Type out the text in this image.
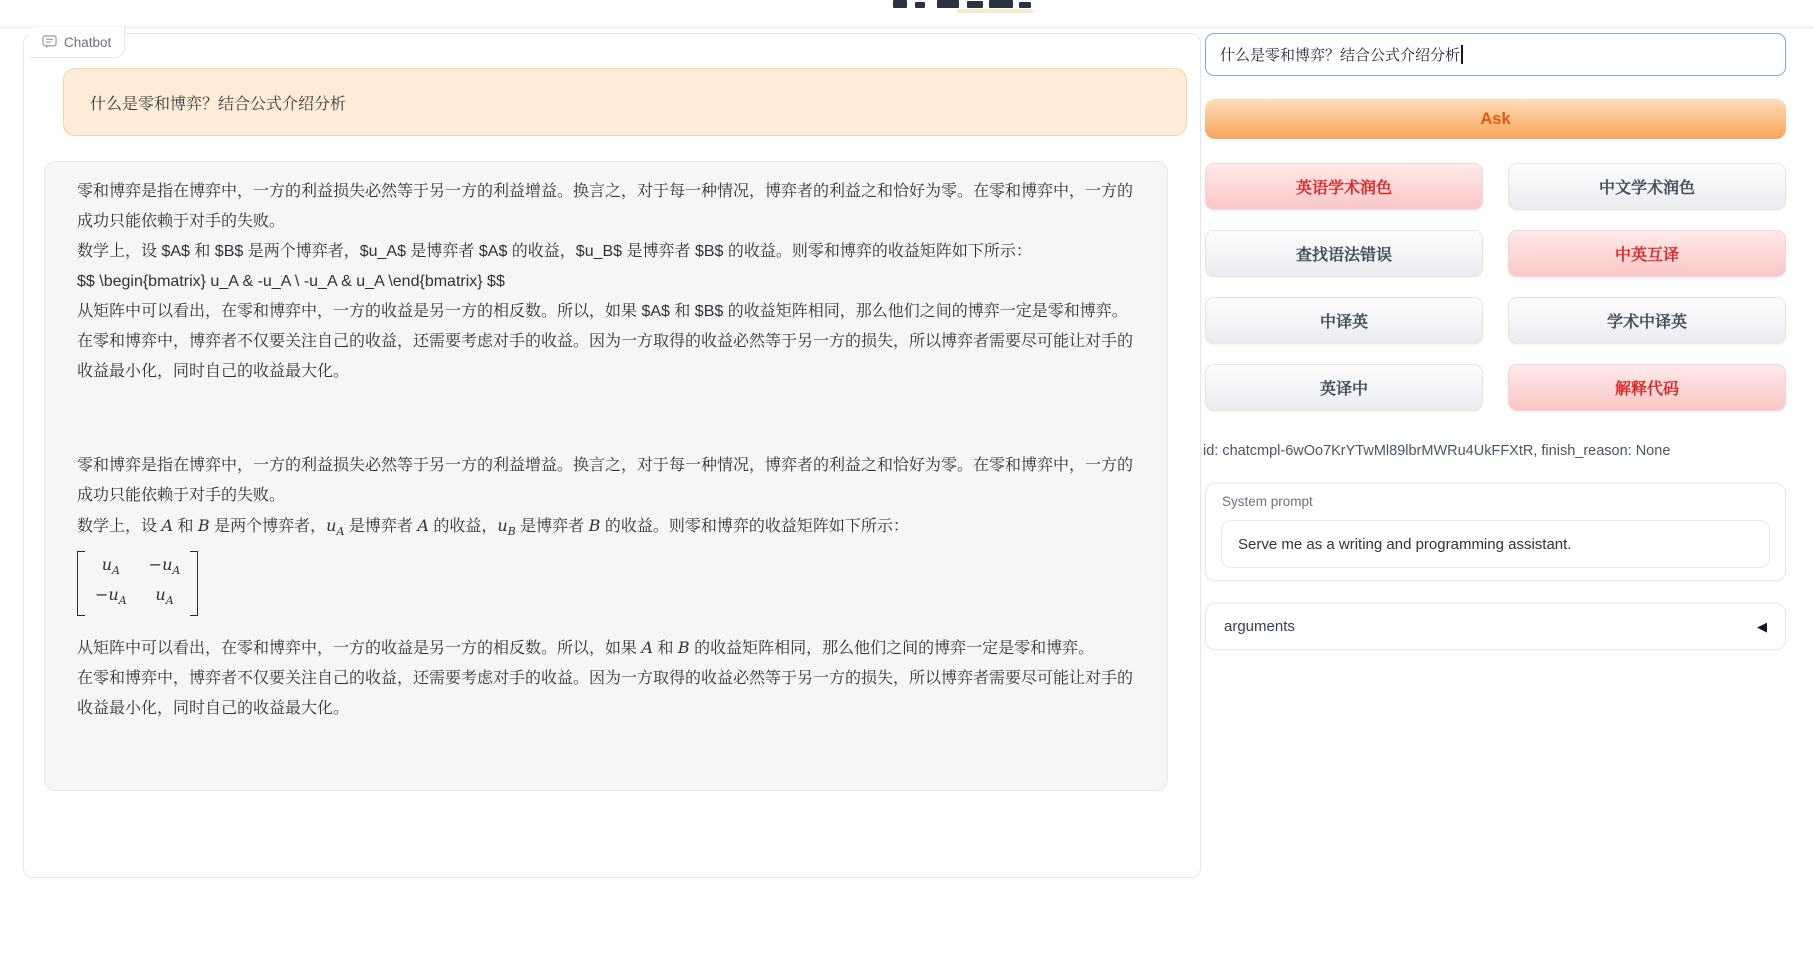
Chatbot
什么是零和博弈？结合公式介绍分析

零和博弈是指在博弈中，一方的利益损失必然等于另一方的利益增益。换言之，对于每一种情况，博弈者的利益之和恰好为零。在零和博弈中，一方的成功只能依赖于对手的失败。

数学上，设 $A$ 和 $B$ 是两个博弈者，$u_A$ 是博弈者 $A$ 的收益，$u_B$ 是博弈者 $B$ 的收益。则零和博弈的收益矩阵如下所示：

$$ \begin{bmatrix} u_A & -u_A \ -u_A & u_A \end{bmatrix} $$

从矩阵中可以看出，在零和博弈中，一方的收益是另一方的相反数。所以，如果 $A$ 和 $B$ 的收益矩阵相同，那么他们之间的博弈一定是零和博弈。

在零和博弈中，博弈者不仅要关注自己的收益，还需要考虑对手的收益。因为一方取得的收益必然等于另一方的损失，所以博弈者需要尽可能让对手的收益最小化，同时自己的收益最大化。

零和博弈是指在博弈中，一方的利益损失必然等于另一方的利益增益。换言之，对于每一种情况，博弈者的利益之和恰好为零。在零和博弈中，一方的成功只能依赖于对手的失败。

数学上，设 A 和 B 是两个博弈者，$u_A$ 是博弈者 A 的收益，$u_B$ 是博弈者 B 的收益。则零和博弈的收益矩阵如下所示：

$u_A$	$-u_A$
$-u_A$	$u_A$

从矩阵中可以看出，在零和博弈中，一方的收益是另一方的相反数。所以，如果 A 和 B 的收益矩阵相同，那么他们之间的博弈一定是零和博弈。

在零和博弈中，博弈者不仅要关注自己的收益，还需要考虑对手的收益。因为一方取得的收益必然等于另一方的损失，所以博弈者需要尽可能让对手的收益最小化，同时自己的收益最大化。

什么是零和博弈？结合公式介绍分析
Ask
英语学术润色	中文学术润色
查找语法错误	中英互译
中译英	学术中译英
英译中	解释代码
id: chatcmpl-6wOo7KrYTwMl89lbrMWRu4UkFFXtR, finish_reason: None
System prompt
Serve me as a writing and programming assistant.
arguments	◀
